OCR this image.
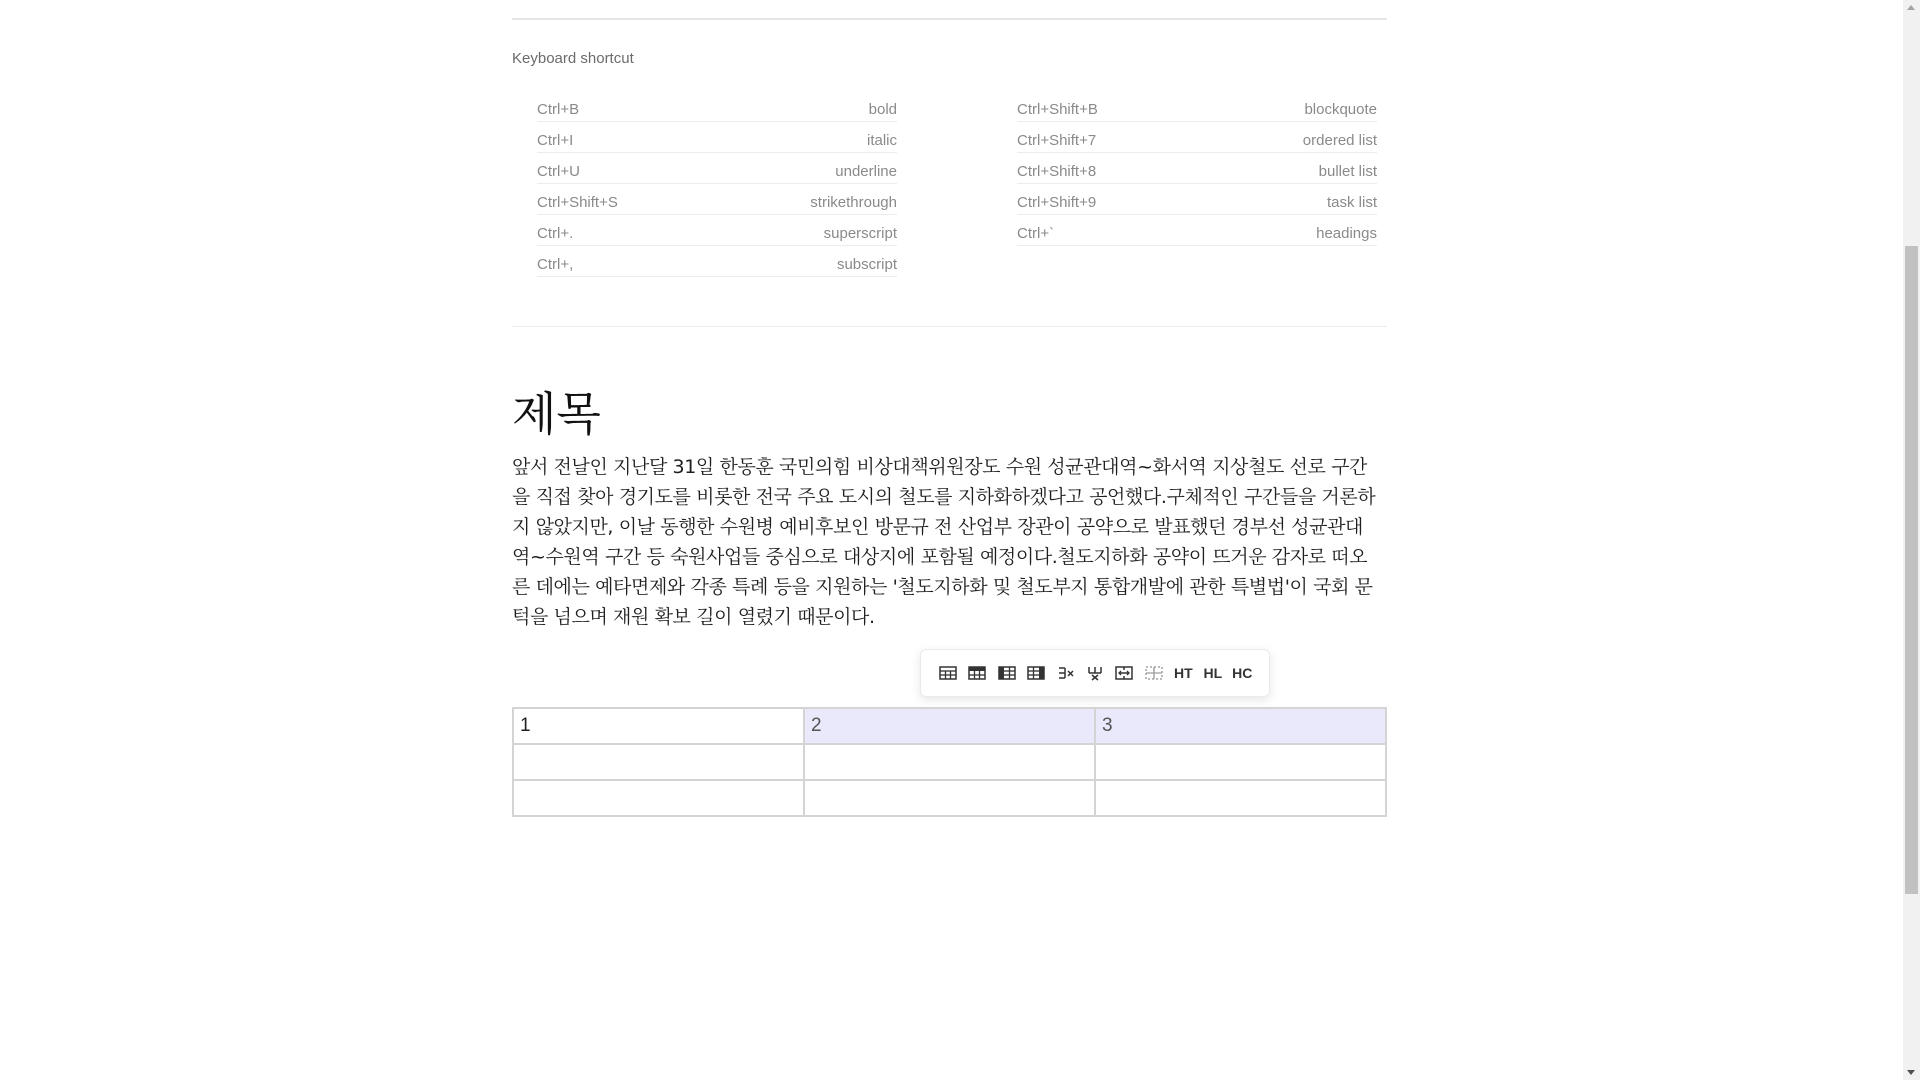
Keyboard shortcut
Ctrl+B	bold
Ctrl+I	italic
Ctrl+U	underline
Ctrl+Shift+S	strikethrough
Ctrl+.	superscript
Ctrl+,	subscript
Ctrl+Shift+B	blockquote
Ctrl+Shift+7	ordered list
Ctrl+Shift+8	bullet list
Ctrl+Shift+9	task list
Ctrl+`	headings
제목

앞서 전날인 지난달 31일 한동훈 국민의힘 비상대책위원장도 수원 성균관대역~화서역 지상철도 선로 구간을 직접 찾아 경기도를 비롯한 전국 주요 도시의 철도를 지하화하겠다고 공언했다.구체적인 구간들을 거론하지 않았지만, 이날 동행한 수원병 예비후보인 방문규 전 산업부 장관이 공약으로 발표했던 경부선 성균관대역~수원역 구간 등 숙원사업들 중심으로 대상지에 포함될 예정이다.철도지하화 공약이 뜨거운 감자로 떠오른 데에는 예타면제와 각종 특례 등을 지원하는 '철도지하화 및 철도부지 통합개발에 관한 특별법'이 국회 문턱을 넘으며 재원 확보 길이 열렸기 때문이다.

HT HL HC
1	2	3
